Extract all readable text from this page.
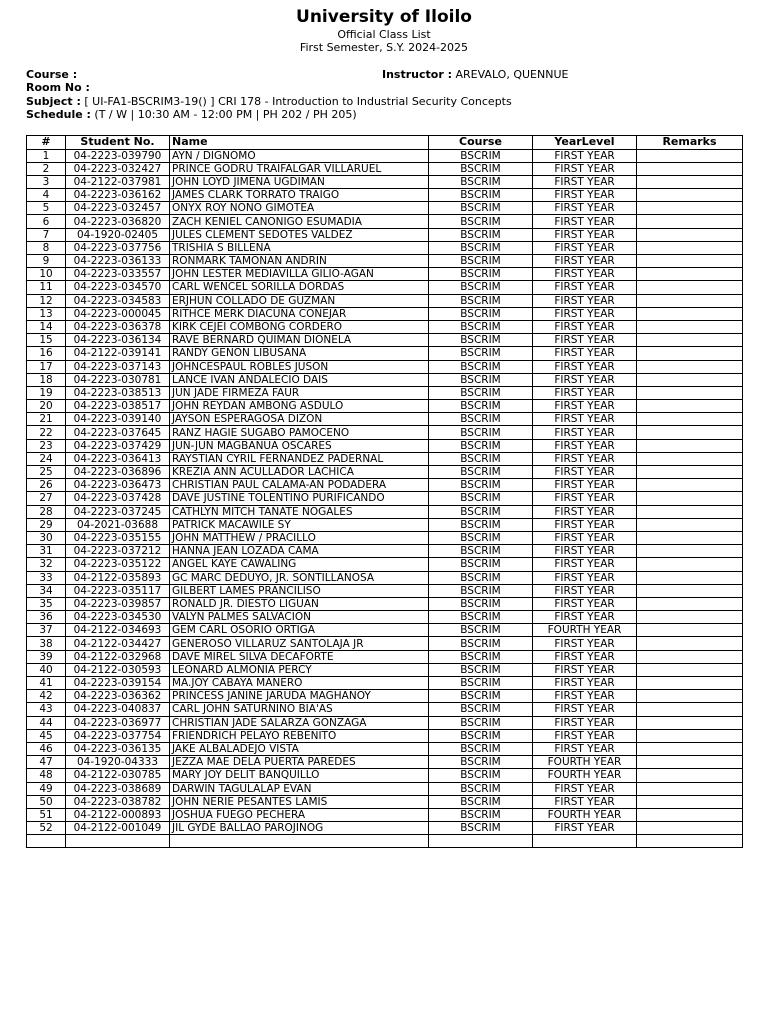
University of Iloilo
Official Class List
First Semester, S.Y. 2024-2025
Course :	Instructor : AREVALO, QUENNUE
Room No :
Subject : [ UI-FA1-BSCRIM3-19() ] CRI 178 - Introduction to Industrial Security Concepts
Schedule : (T / W | 10:30 AM - 12:00 PM | PH 202 / PH 205)
#	Student No.	Name	Course	YearLevel	Remarks
1	04-2223-039790	AYN / DIGNOMO	BSCRIM	FIRST YEAR	
2	04-2223-032427	PRINCE GODRU TRAIFALGAR VILLARUEL	BSCRIM	FIRST YEAR	
3	04-2122-037981	JOHN LOYD JIMENA UGDIMAN	BSCRIM	FIRST YEAR	
4	04-2223-036162	JAMES CLARK TORRATO TRAIGO	BSCRIM	FIRST YEAR	
5	04-2223-032457	ONYX ROY NONO GIMOTEA	BSCRIM	FIRST YEAR	
6	04-2223-036820	ZACH KENIEL CANONIGO ESUMADIA	BSCRIM	FIRST YEAR	
7	04-1920-02405	JULES CLEMENT SEDOTES VALDEZ	BSCRIM	FIRST YEAR	
8	04-2223-037756	TRISHIA S BILLENA	BSCRIM	FIRST YEAR	
9	04-2223-036133	RONMARK TAMONAN ANDRIN	BSCRIM	FIRST YEAR	
10	04-2223-033557	JOHN LESTER MEDIAVILLA GILIO-AGAN	BSCRIM	FIRST YEAR	
11	04-2223-034570	CARL WENCEL SORILLA DORDAS	BSCRIM	FIRST YEAR	
12	04-2223-034583	ERJHUN COLLADO DE GUZMAN	BSCRIM	FIRST YEAR	
13	04-2223-000045	RITHCE MERK DIACUNA CONEJAR	BSCRIM	FIRST YEAR	
14	04-2223-036378	KIRK CEJEI COMBONG CORDERO	BSCRIM	FIRST YEAR	
15	04-2223-036134	RAVE BERNARD QUIMAN DIONELA	BSCRIM	FIRST YEAR	
16	04-2122-039141	RANDY GENON LIBUSANA	BSCRIM	FIRST YEAR	
17	04-2223-037143	JOHNCESPAUL ROBLES JUSON	BSCRIM	FIRST YEAR	
18	04-2223-030781	LANCE IVAN ANDALECIO DAIS	BSCRIM	FIRST YEAR	
19	04-2223-038513	JUN JADE FIRMEZA FAUR	BSCRIM	FIRST YEAR	
20	04-2223-038517	JOHN REYDAN AMBONG ASDULO	BSCRIM	FIRST YEAR	
21	04-2223-039140	JAYSON ESPERAGOSA DIZON	BSCRIM	FIRST YEAR	
22	04-2223-037645	RANZ HAGIE SUGABO PAMOCENO	BSCRIM	FIRST YEAR	
23	04-2223-037429	JUN-JUN MAGBANUA OSCARES	BSCRIM	FIRST YEAR	
24	04-2223-036413	RAYSTIAN CYRIL FERNANDEZ PADERNAL	BSCRIM	FIRST YEAR	
25	04-2223-036896	KREZIA ANN ACULLADOR LACHICA	BSCRIM	FIRST YEAR	
26	04-2223-036473	CHRISTIAN PAUL CALAMA-AN PODADERA	BSCRIM	FIRST YEAR	
27	04-2223-037428	DAVE JUSTINE TOLENTINO PURIFICANDO	BSCRIM	FIRST YEAR	
28	04-2223-037245	CATHLYN MITCH TANATE NOGALES	BSCRIM	FIRST YEAR	
29	04-2021-03688	PATRICK MACAWILE SY	BSCRIM	FIRST YEAR	
30	04-2223-035155	JOHN MATTHEW / PRACILLO	BSCRIM	FIRST YEAR	
31	04-2223-037212	HANNA JEAN LOZADA CAMA	BSCRIM	FIRST YEAR	
32	04-2223-035122	ANGEL KAYE CAWALING	BSCRIM	FIRST YEAR	
33	04-2122-035893	GC MARC DEDUYO, JR. SONTILLANOSA	BSCRIM	FIRST YEAR	
34	04-2223-035117	GILBERT LAMES PRANCILISO	BSCRIM	FIRST YEAR	
35	04-2223-039857	RONALD JR. DIESTO LIGUAN	BSCRIM	FIRST YEAR	
36	04-2223-034530	VALYN PALMES SALVACION	BSCRIM	FIRST YEAR	
37	04-2122-034693	GEM CARL OSORIO ORTIGA	BSCRIM	FOURTH YEAR	
38	04-2122-034427	GENEROSO VILLARUZ SANTOLAJA JR	BSCRIM	FIRST YEAR	
39	04-2122-032968	DAVE MIREL SILVA DECAFORTE	BSCRIM	FIRST YEAR	
40	04-2122-030593	LEONARD ALMONIA PERCY	BSCRIM	FIRST YEAR	
41	04-2223-039154	MA.JOY CABAYA MANERO	BSCRIM	FIRST YEAR	
42	04-2223-036362	PRINCESS JANINE JARUDA MAGHANOY	BSCRIM	FIRST YEAR	
43	04-2223-040837	CARL JOHN SATURNINO BIA'AS	BSCRIM	FIRST YEAR	
44	04-2223-036977	CHRISTIAN JADE SALARZA GONZAGA	BSCRIM	FIRST YEAR	
45	04-2223-037754	FRIENDRICH PELAYO REBENITO	BSCRIM	FIRST YEAR	
46	04-2223-036135	JAKE ALBALADEJO VISTA	BSCRIM	FIRST YEAR	
47	04-1920-04333	JEZZA MAE DELA PUERTA PAREDES	BSCRIM	FOURTH YEAR	
48	04-2122-030785	MARY JOY DELIT BANQUILLO	BSCRIM	FOURTH YEAR	
49	04-2223-038689	DARWIN TAGULALAP EVAN	BSCRIM	FIRST YEAR	
50	04-2223-038782	JOHN NERIE PESANTES LAMIS	BSCRIM	FIRST YEAR	
51	04-2122-000893	JOSHUA FUEGO PECHERA	BSCRIM	FOURTH YEAR	
52	04-2122-001049	JIL GYDE BALLAO PAROJINOG	BSCRIM	FIRST YEAR	
